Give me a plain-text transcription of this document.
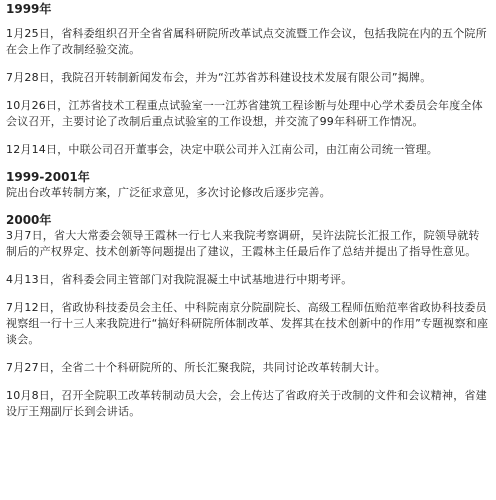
1999年

1月25日，省科委组织召开全省省属科研院所改革试点交流暨工作会议，包括我院在内的五个院所在会上作了改制经验交流。

7月28日，我院召开转制新闻发布会，并为“江苏省苏科建设技术发展有限公司”揭牌。

10月26日，江苏省技术工程重点试验室一一江苏省建筑工程诊断与处理中心学术委员会年度全体会议召开，主要讨论了改制后重点试验室的工作设想，并交流了99年科研工作情况。

12月14日，中联公司召开董事会，决定中联公司并入江南公司，由江南公司统一管理。

1999-2001年

院出台改革转制方案，广泛征求意见，多次讨论修改后逐步完善。

2000年

3月7日，省大大常委会领导王霞林一行七人来我院考察调研，吴许法院长汇报工作，院领导就转制后的产权界定、技术创新等问题提出了建议，王霞林主任最后作了总结并提出了指导性意见。

4月13日，省科委会同主管部门对我院混凝土中试基地进行中期考评。

7月12日，省政协科技委员会主任、中科院南京分院副院长、高级工程师伍贻范率省政协科技委员视察组一行十三人来我院进行“搞好科研院所体制改革、发挥其在技术创新中的作用”专题视察和座谈会。

7月27日，全省二十个科研院所的、所长汇聚我院，共同讨论改革转制大计。

10月8日，召开全院职工改革转制动员大会，会上传达了省政府关于改制的文件和会议精神，省建设厅王翔副厅长到会讲话。
